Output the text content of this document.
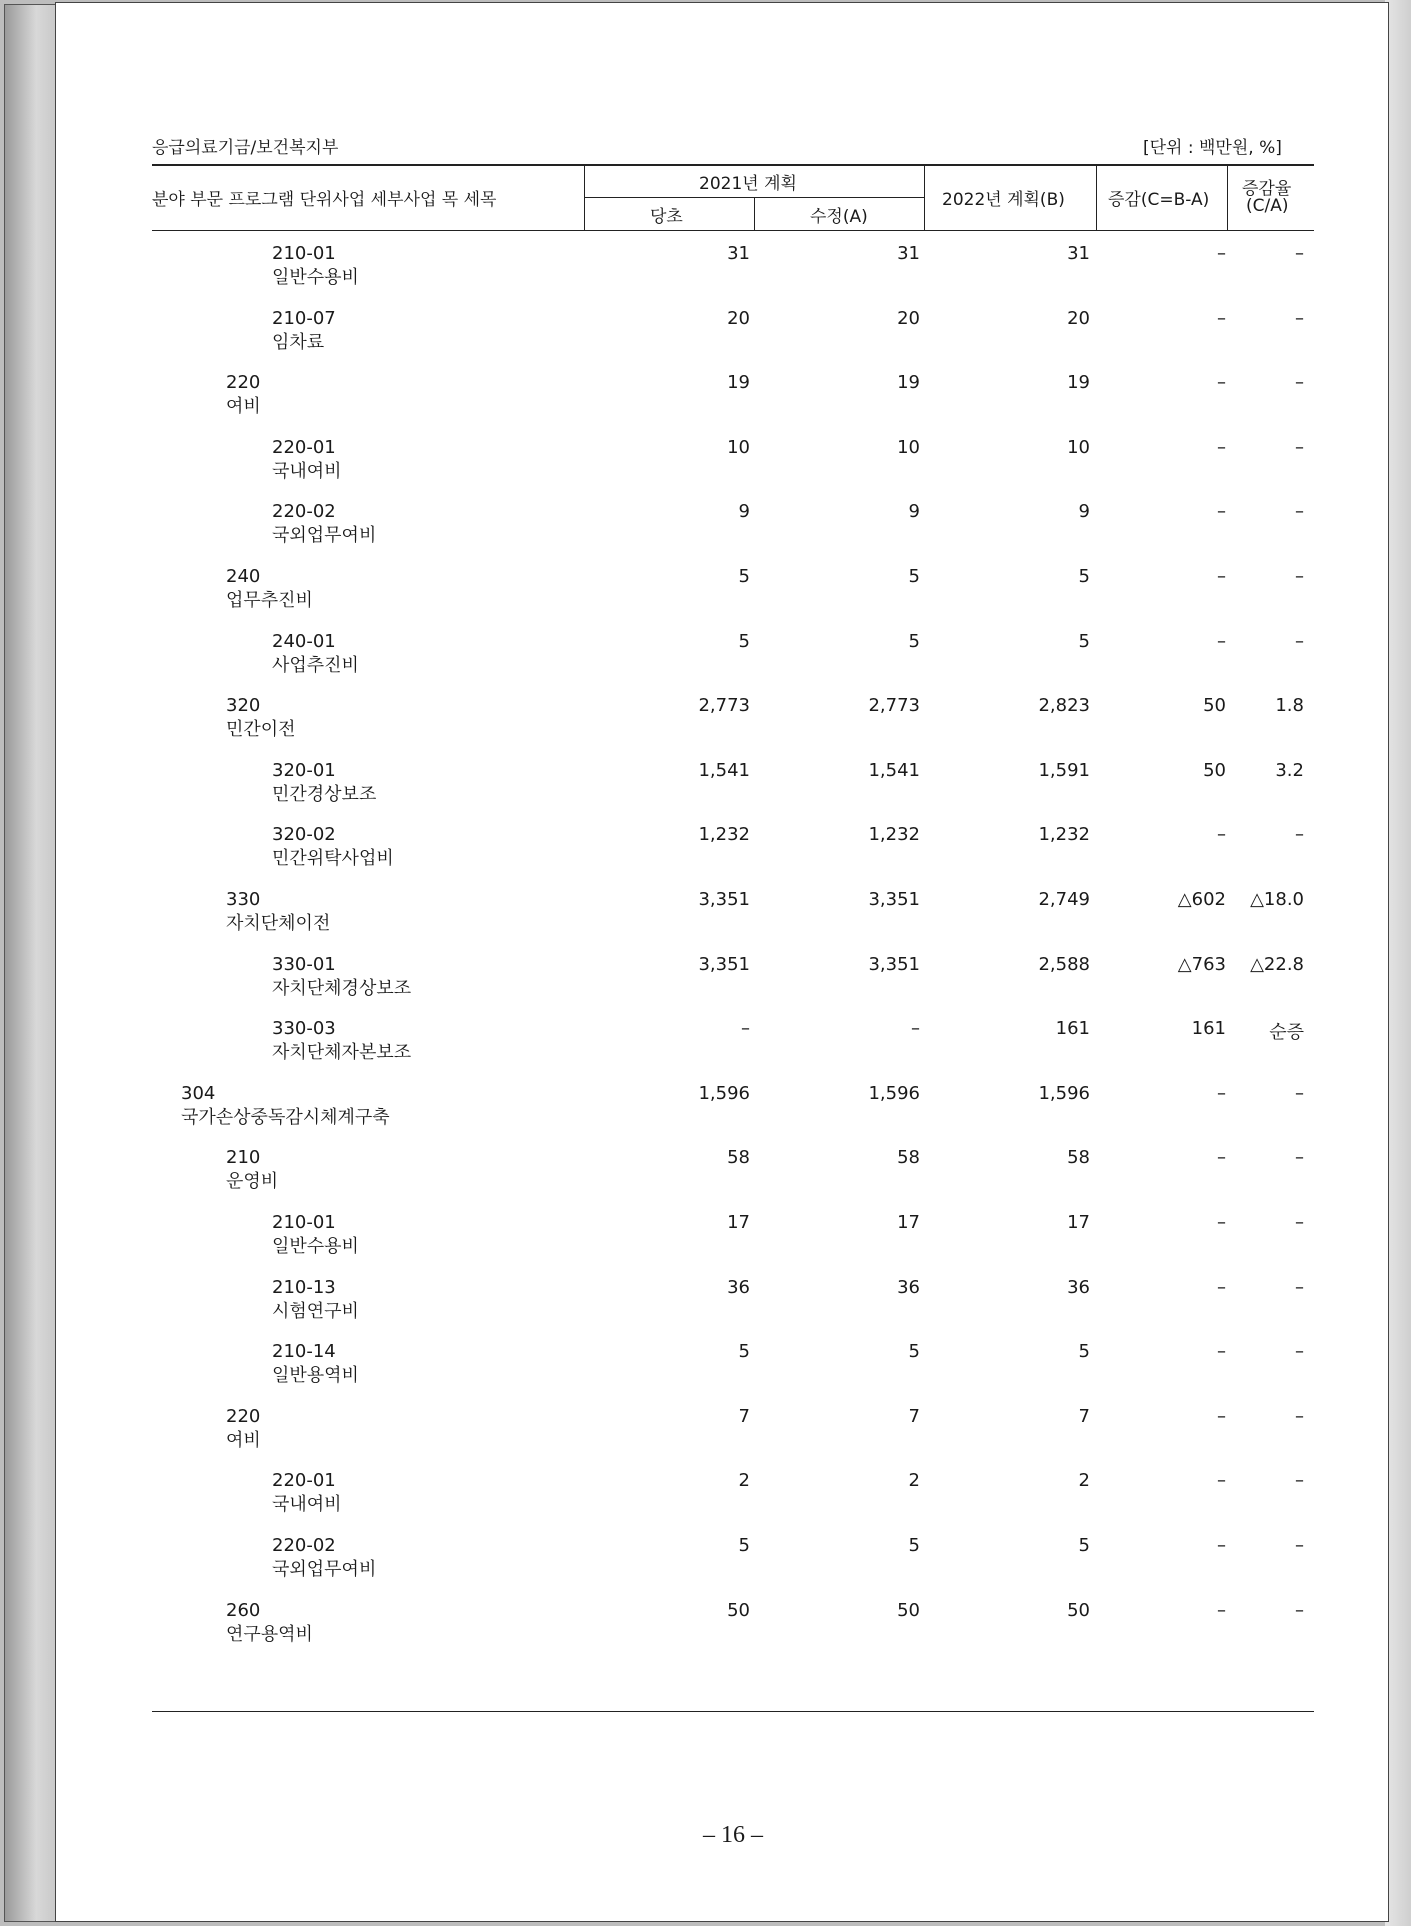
응급의료기금/보건복지부	[단위 : 백만원, %]
분야 부문 프로그램 단위사업 세부사업 목 세목
2021년 계획
당초	수정(A)
2022년 계획(B)	증감(C=B-A)
증감율
(C/A)
210-01
일반수용비
31	31	31	–	–
210-07
임차료
20	20	20	–	–
220
여비
19	19	19	–	–
220-01
국내여비
10	10	10	–	–
220-02
국외업무여비
9	9	9	–	–
240
업무추진비
5	5	5	–	–
240-01
사업추진비
5	5	5	–	–
320
민간이전
2,773	2,773	2,823	50	1.8
320-01
민간경상보조
1,541	1,541	1,591	50	3.2
320-02
민간위탁사업비
1,232	1,232	1,232	–	–
330
자치단체이전
3,351	3,351	2,749	△602	△18.0
330-01
자치단체경상보조
3,351	3,351	2,588	△763	△22.8
330-03
자치단체자본보조
–	–	161	161	순증
304
국가손상중독감시체계구축
1,596	1,596	1,596	–	–
210
운영비
58	58	58	–	–
210-01
일반수용비
17	17	17	–	–
210-13
시험연구비
36	36	36	–	–
210-14
일반용역비
5	5	5	–	–
220
여비
7	7	7	–	–
220-01
국내여비
2	2	2	–	–
220-02
국외업무여비
5	5	5	–	–
260
연구용역비
50	50	50	–	–
– 16 –
